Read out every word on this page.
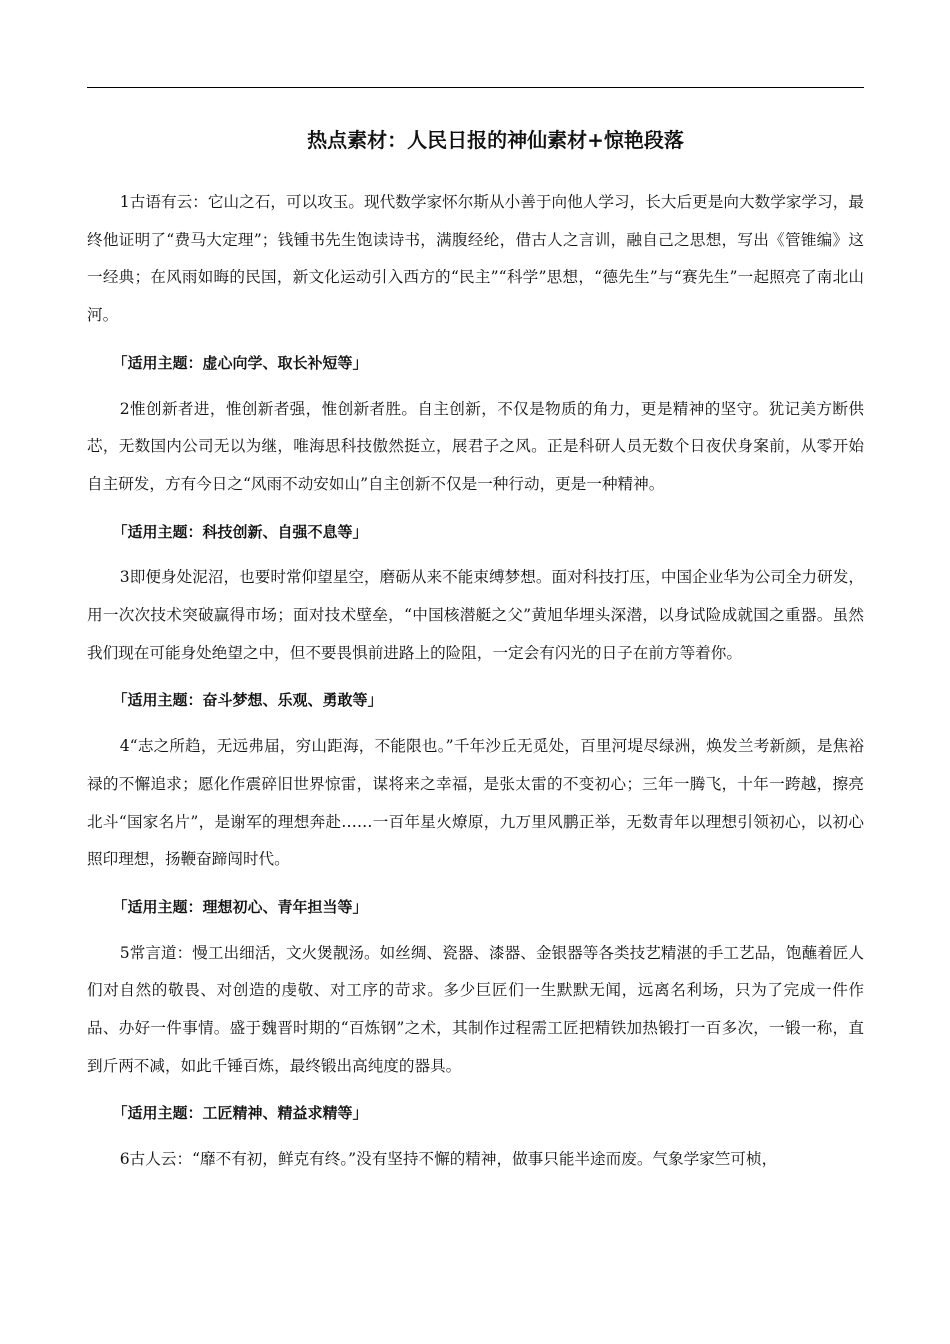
热点素材：人民日报的神仙素材+惊艳段落

1古语有云：它山之石，可以攻玉。现代数学家怀尔斯从小善于向他人学习，长大后更是向大数学家学习，最终他证明了“费马大定理”；钱锺书先生饱读诗书，满腹经纶，借古人之言训，融自己之思想，写出《管锥编》这一经典；在风雨如晦的民国，新文化运动引入西方的“民主”“科学”思想，“德先生”与“赛先生”一起照亮了南北山河。

「适用主题：虚心向学、取长补短等」

2惟创新者进，惟创新者强，惟创新者胜。自主创新，不仅是物质的角力，更是精神的坚守。犹记美方断供芯，无数国内公司无以为继，唯海思科技傲然挺立，展君子之风。正是科研人员无数个日夜伏身案前，从零开始自主研发，方有今日之“风雨不动安如山”自主创新不仅是一种行动，更是一种精神。

「适用主题：科技创新、自强不息等」

3即便身处泥沼，也要时常仰望星空，磨砺从来不能束缚梦想。面对科技打压，中国企业华为公司全力研发，用一次次技术突破赢得市场；面对技术壁垒，“中国核潜艇之父”黄旭华埋头深潜，以身试险成就国之重器。虽然我们现在可能身处绝望之中，但不要畏惧前进路上的险阻，一定会有闪光的日子在前方等着你。

「适用主题：奋斗梦想、乐观、勇敢等」

4“志之所趋，无远弗届，穷山距海，不能限也。”千年沙丘无觅处，百里河堤尽绿洲，焕发兰考新颜，是焦裕禄的不懈追求；愿化作震碎旧世界惊雷，谋将来之幸福，是张太雷的不变初心；三年一腾飞，十年一跨越，擦亮北斗“国家名片”，是谢军的理想奔赴……一百年星火燎原，九万里风鹏正举，无数青年以理想引领初心，以初心照印理想，扬鞭奋蹄闯时代。

「适用主题：理想初心、青年担当等」

5常言道：慢工出细活，文火煲靓汤。如丝绸、瓷器、漆器、金银器等各类技艺精湛的手工艺品，饱蘸着匠人们对自然的敬畏、对创造的虔敬、对工序的苛求。多少巨匠们一生默默无闻，远离名利场，只为了完成一件作品、办好一件事情。盛于魏晋时期的“百炼钢”之术，其制作过程需工匠把精铁加热锻打一百多次，一锻一称，直到斤两不减，如此千锤百炼，最终锻出高纯度的器具。

「适用主题：工匠精神、精益求精等」

6古人云：“靡不有初，鲜克有终。”没有坚持不懈的精神，做事只能半途而废。气象学家竺可桢，
